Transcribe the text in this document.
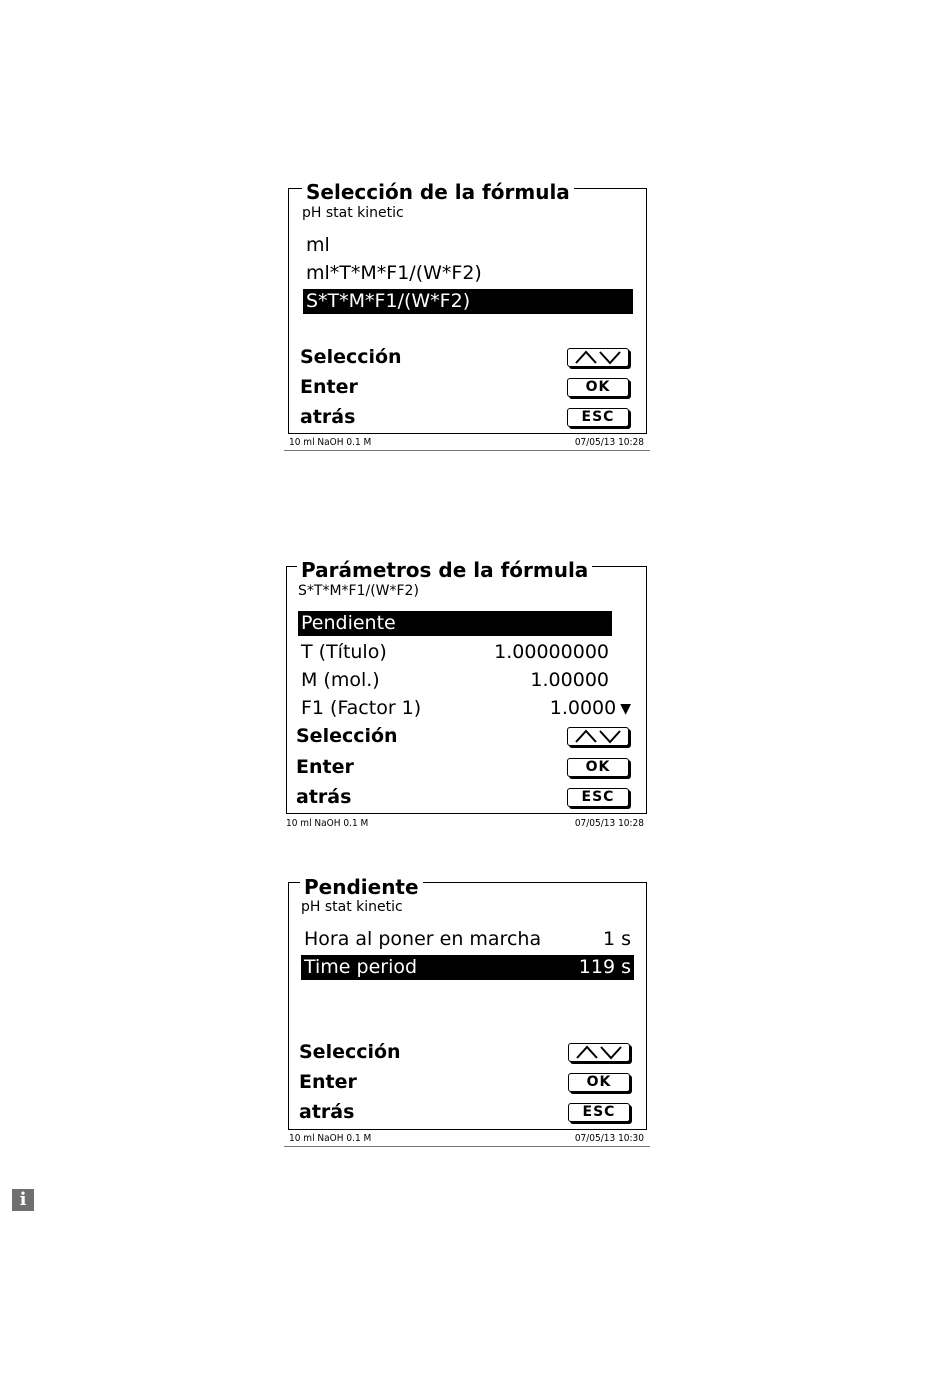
Selección de la fórmula
pH stat kinetic
ml
ml*T*M*F1/(W*F2)
S*T*M*F1/(W*F2)
Selección
Enter	OK
atrás	ESC
10 ml NaOH 0.1 M	07/05/13 10:28
Parámetros de la fórmula
S*T*M*F1/(W*F2)
Pendiente
T (Título)	1.00000000
M (mol.)	1.00000
F1 (Factor 1)	1.0000 ▼
Selección
Enter	OK
atrás	ESC
10 ml NaOH 0.1 M	07/05/13 10:28
Pendiente
pH stat kinetic
Hora al poner en marcha	1 s
Time period	119 s
Selección
Enter	OK
atrás	ESC
10 ml NaOH 0.1 M	07/05/13 10:30
i
